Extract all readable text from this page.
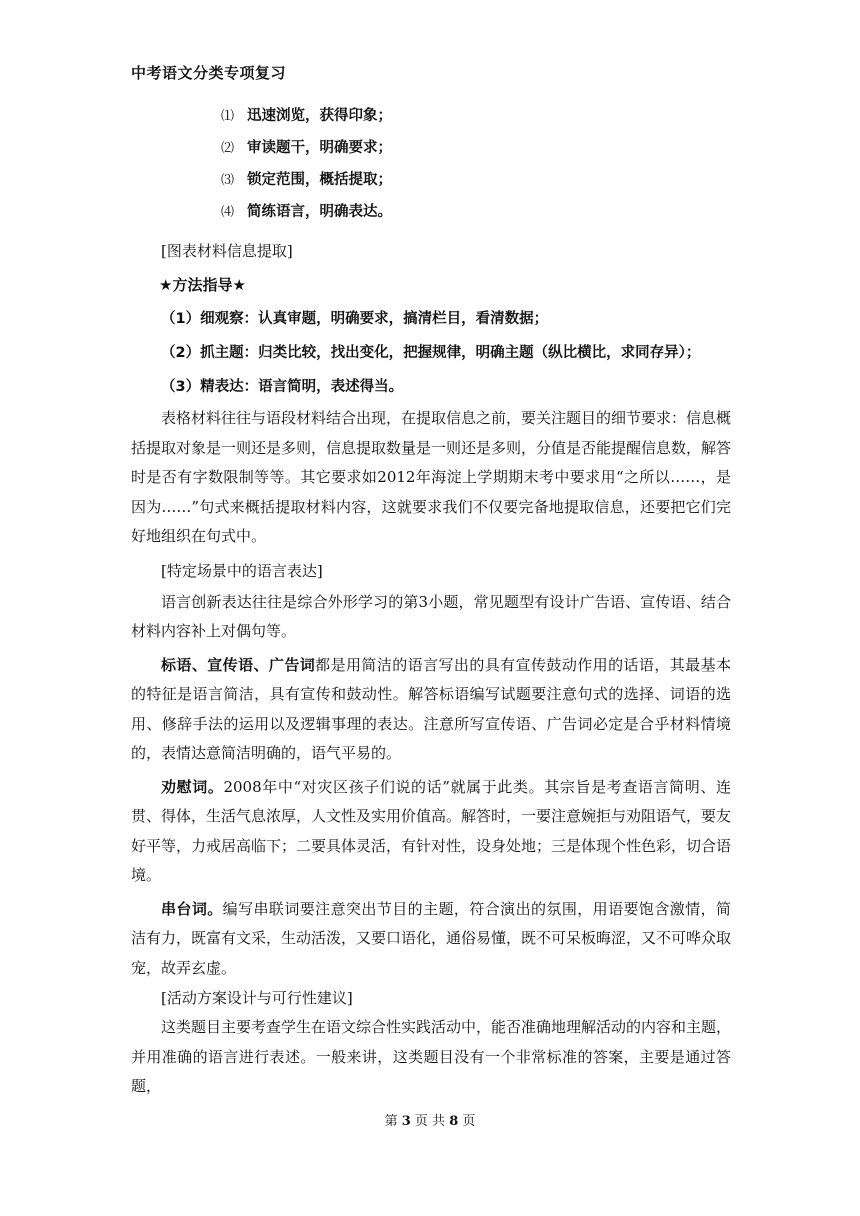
中考语文分类专项复习
⑴ 迅速浏览，获得印象；
⑵ 审读题干，明确要求；
⑶ 锁定范围，概括提取；
⑷ 简练语言，明确表达。
[图表材料信息提取]
★方法指导★
（1）细观察：认真审题，明确要求，搞清栏目，看清数据；
（2）抓主题：归类比较，找出变化，把握规律，明确主题（纵比横比，求同存异）；
（3）精表达：语言简明，表述得当。

表格材料往往与语段材料结合出现，在提取信息之前，要关注题目的细节要求：信息概括提取对象是一则还是多则，信息提取数量是一则还是多则，分值是否能提醒信息数，解答时是否有字数限制等等。其它要求如2012年海淀上学期期末考中要求用“之所以……，是因为……”句式来概括提取材料内容，这就要求我们不仅要完备地提取信息，还要把它们完好地组织在句式中。

[特定场景中的语言表达]

语言创新表达往往是综合外形学习的第3小题，常见题型有设计广告语、宣传语、结合材料内容补上对偶句等。

标语、宣传语、广告词都是用简洁的语言写出的具有宣传鼓动作用的话语，其最基本的特征是语言简洁，具有宣传和鼓动性。解答标语编写试题要注意句式的选择、词语的选用、修辞手法的运用以及逻辑事理的表达。注意所写宣传语、广告词必定是合乎材料情境的，表情达意简洁明确的，语气平易的。

劝慰词。2008年中“对灾区孩子们说的话”就属于此类。其宗旨是考查语言简明、连贯、得体，生活气息浓厚，人文性及实用价值高。解答时，一要注意婉拒与劝阻语气，要友好平等，力戒居高临下；二要具体灵活，有针对性，设身处地；三是体现个性色彩，切合语境。

串台词。编写串联词要注意突出节目的主题，符合演出的氛围，用语要饱含激情，简洁有力，既富有文采，生动活泼，又要口语化，通俗易懂，既不可呆板晦涩，又不可哗众取宠，故弄玄虚。

[活动方案设计与可行性建议]

这类题目主要考查学生在语文综合性实践活动中，能否准确地理解活动的内容和主题，并用准确的语言进行表述。一般来讲，这类题目没有一个非常标准的答案，主要是通过答题，

第 3 页 共 8 页
